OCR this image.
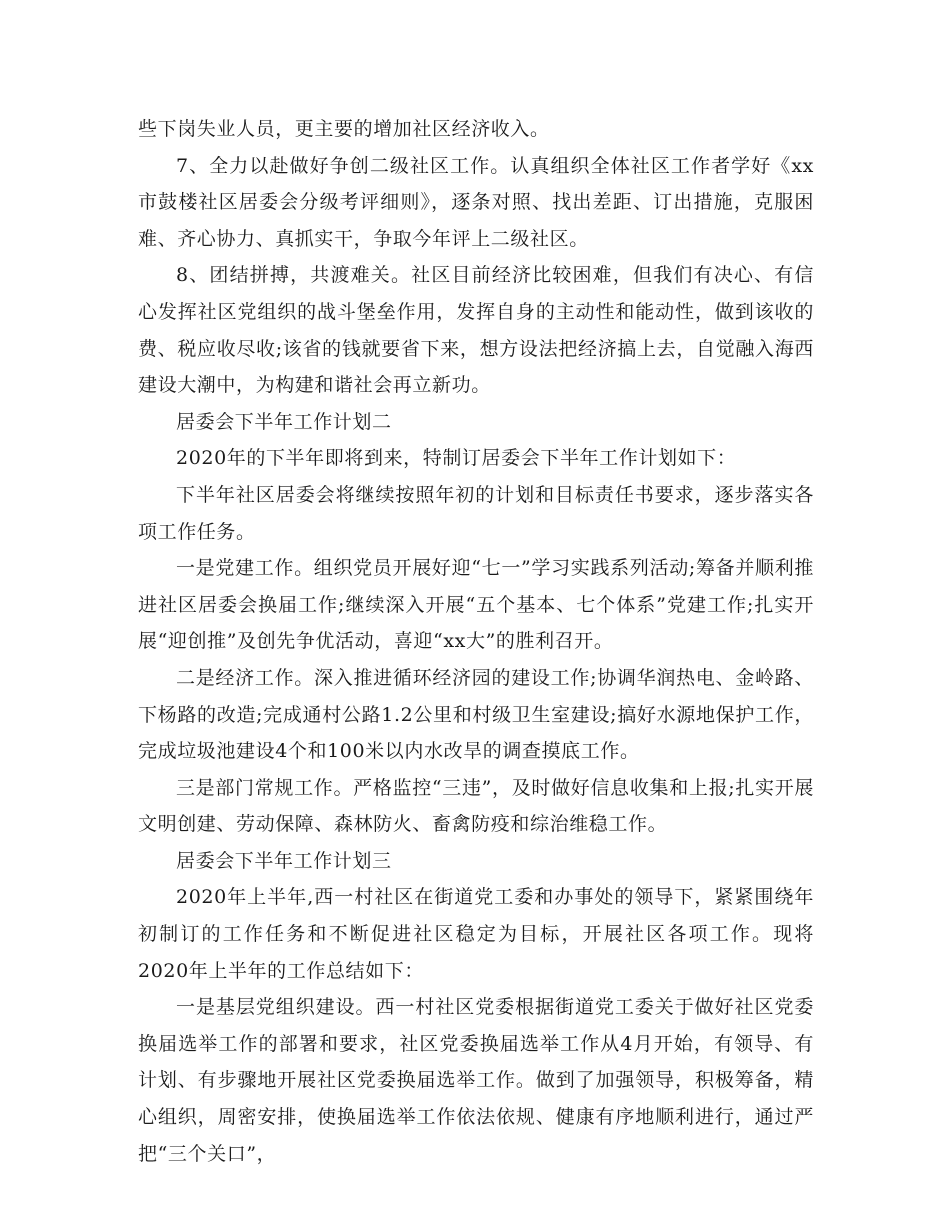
些下岗失业人员，更主要的增加社区经济收入。

7、全力以赴做好争创二级社区工作。认真组织全体社区工作者学好《xx市鼓楼社区居委会分级考评细则》，逐条对照、找出差距、订出措施，克服困难、齐心协力、真抓实干，争取今年评上二级社区。

8、团结拼搏，共渡难关。社区目前经济比较困难，但我们有决心、有信心发挥社区党组织的战斗堡垒作用，发挥自身的主动性和能动性，做到该收的费、税应收尽收;该省的钱就要省下来，想方设法把经济搞上去，自觉融入海西建设大潮中，为构建和谐社会再立新功。

居委会下半年工作计划二

2020年的下半年即将到来，特制订居委会下半年工作计划如下：

下半年社区居委会将继续按照年初的计划和目标责任书要求，逐步落实各项工作任务。

一是党建工作。组织党员开展好迎“七一”学习实践系列活动;筹备并顺利推进社区居委会换届工作;继续深入开展“五个基本、七个体系”党建工作;扎实开展“迎创推”及创先争优活动，喜迎“xx大”的胜利召开。

二是经济工作。深入推进循环经济园的建设工作;协调华润热电、金岭路、下杨路的改造;完成通村公路1.2公里和村级卫生室建设;搞好水源地保护工作，完成垃圾池建设4个和100米以内水改旱的调查摸底工作。

三是部门常规工作。严格监控“三违”，及时做好信息收集和上报;扎实开展文明创建、劳动保障、森林防火、畜禽防疫和综治维稳工作。

居委会下半年工作计划三

2020年上半年,西一村社区在街道党工委和办事处的领导下，紧紧围绕年初制订的工作任务和不断促进社区稳定为目标，开展社区各项工作。现将2020年上半年的工作总结如下：

一是基层党组织建设。西一村社区党委根据街道党工委关于做好社区党委换届选举工作的部署和要求，社区党委换届选举工作从4月开始，有领导、有计划、有步骤地开展社区党委换届选举工作。做到了加强领导，积极筹备，精心组织，周密安排，使换届选举工作依法依规、健康有序地顺利进行，通过严把“三个关口”，
